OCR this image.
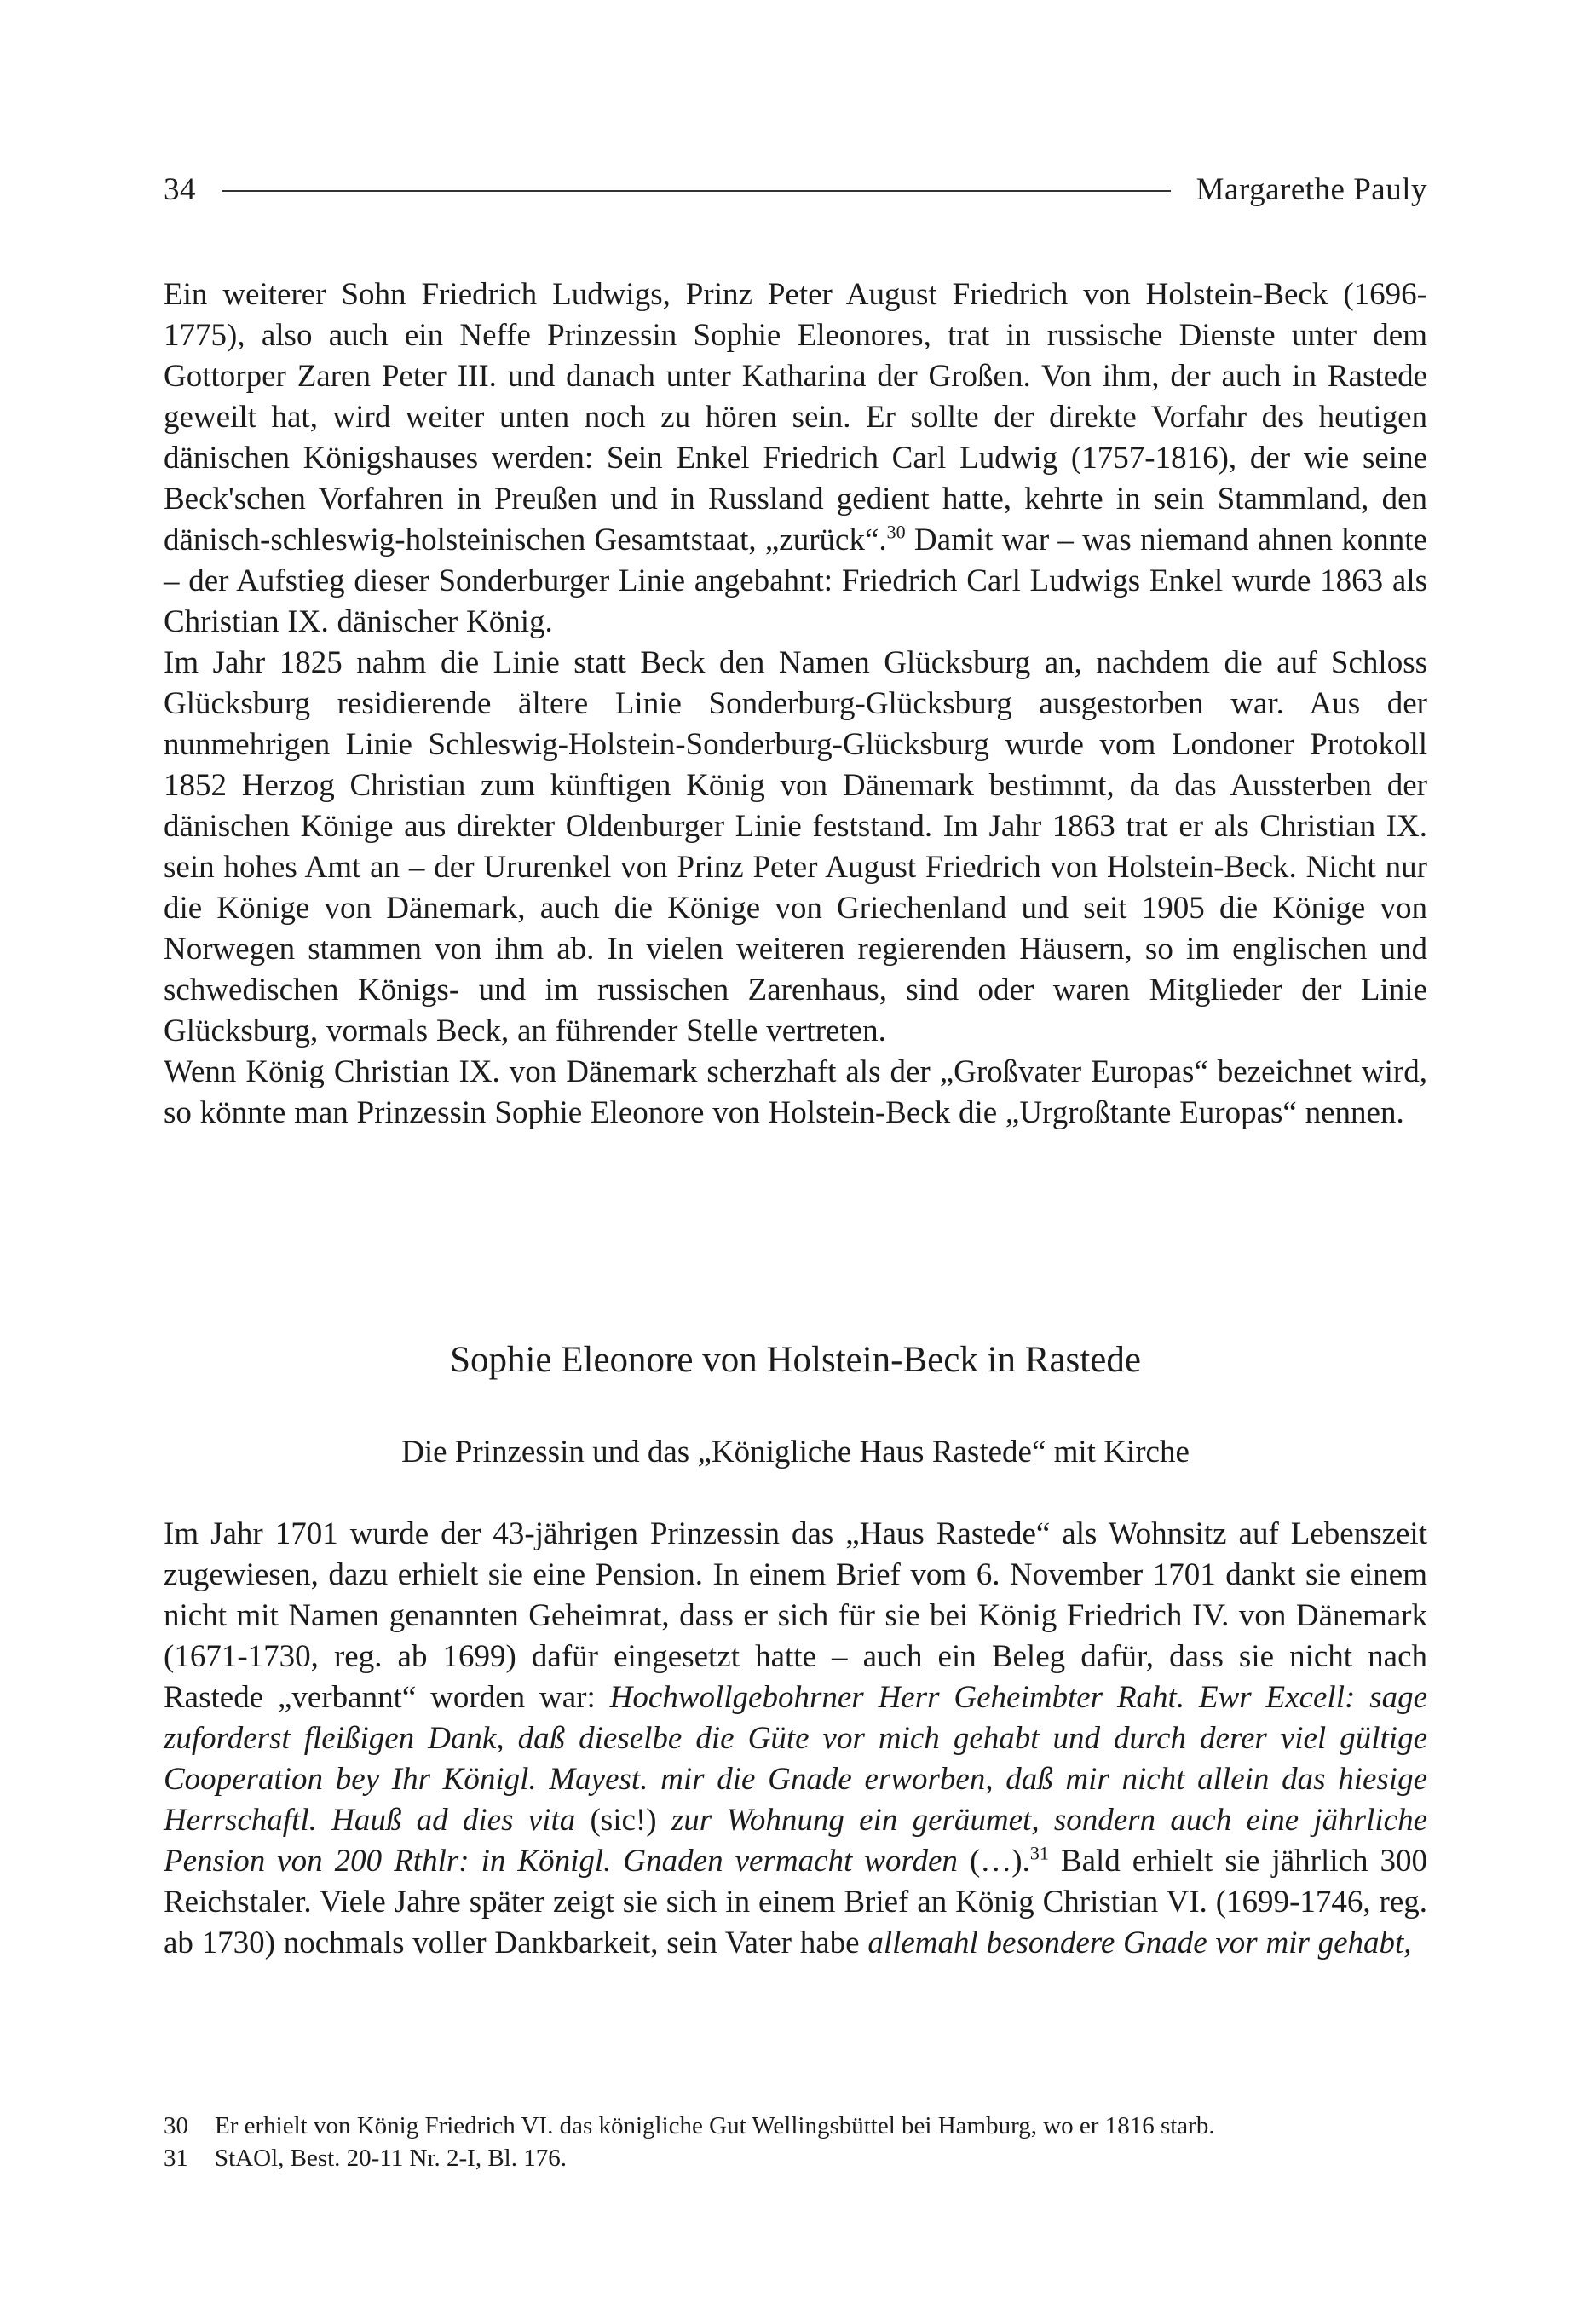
34	Margarethe Pauly

Ein weiterer Sohn Friedrich Ludwigs, Prinz Peter August Friedrich von Holstein-Beck (1696-1775), also auch ein Neffe Prinzessin Sophie Eleonores, trat in russische Dienste unter dem Gottorper Zaren Peter III. und danach unter Katharina der Großen. Von ihm, der auch in Rastede geweilt hat, wird weiter unten noch zu hören sein. Er sollte der direkte Vorfahr des heutigen dänischen Königshauses werden: Sein Enkel Friedrich Carl Ludwig (1757-1816), der wie seine Beck'schen Vorfahren in Preußen und in Russland gedient hatte, kehrte in sein Stammland, den dänisch-schleswig-holsteinischen Gesamtstaat, „zurück“.$^{30}$ Damit war – was niemand ahnen konnte – der Aufstieg dieser Sonderburger Linie angebahnt: Friedrich Carl Ludwigs Enkel wurde 1863 als Christian IX. dänischer König.

Im Jahr 1825 nahm die Linie statt Beck den Namen Glücksburg an, nachdem die auf Schloss Glücksburg residierende ältere Linie Sonderburg-Glücksburg ausgestorben war. Aus der nunmehrigen Linie Schleswig-Holstein-Sonderburg-Glücksburg wurde vom Londoner Protokoll 1852 Herzog Christian zum künftigen König von Dänemark bestimmt, da das Aussterben der dänischen Könige aus direkter Oldenburger Linie feststand. Im Jahr 1863 trat er als Christian IX. sein hohes Amt an – der Ururenkel von Prinz Peter August Friedrich von Holstein-Beck. Nicht nur die Könige von Dänemark, auch die Könige von Griechenland und seit 1905 die Könige von Norwegen stammen von ihm ab. In vielen weiteren regierenden Häusern, so im englischen und schwedischen Königs- und im russischen Zarenhaus, sind oder waren Mitglieder der Linie Glücksburg, vormals Beck, an führender Stelle vertreten.

Wenn König Christian IX. von Dänemark scherzhaft als der „Großvater Europas“ bezeichnet wird, so könnte man Prinzessin Sophie Eleonore von Holstein-Beck die „Urgroßtante Europas“ nennen.

Sophie Eleonore von Holstein-Beck in Rastede
Die Prinzessin und das „Königliche Haus Rastede“ mit Kirche

Im Jahr 1701 wurde der 43-jährigen Prinzessin das „Haus Rastede“ als Wohnsitz auf Lebenszeit zugewiesen, dazu erhielt sie eine Pension. In einem Brief vom 6. November 1701 dankt sie einem nicht mit Namen genannten Geheimrat, dass er sich für sie bei König Friedrich IV. von Dänemark (1671-1730, reg. ab 1699) dafür eingesetzt hatte – auch ein Beleg dafür, dass sie nicht nach Rastede „verbannt“ worden war: Hochwollgebohrner Herr Geheimbter Raht. Ewr Excell: sage zuforderst fleißigen Dank, daß dieselbe die Güte vor mich gehabt und durch derer viel gültige Cooperation bey Ihr Königl. Mayest. mir die Gnade erworben, daß mir nicht allein das hiesige Herrschaftl. Hauß ad dies vita (sic!) zur Wohnung ein geräumet, sondern auch eine jährliche Pension von 200 Rthlr: in Königl. Gnaden vermacht worden (…).$^{31}$ Bald erhielt sie jährlich 300 Reichstaler. Viele Jahre später zeigt sie sich in einem Brief an König Christian VI. (1699-1746, reg. ab 1730) nochmals voller Dankbarkeit, sein Vater habe allemahl besondere Gnade vor mir gehabt,

30	Er erhielt von König Friedrich VI. das königliche Gut Wellingsbüttel bei Hamburg, wo er 1816 starb.
31	StAOl, Best. 20-11 Nr. 2-I, Bl. 176.
